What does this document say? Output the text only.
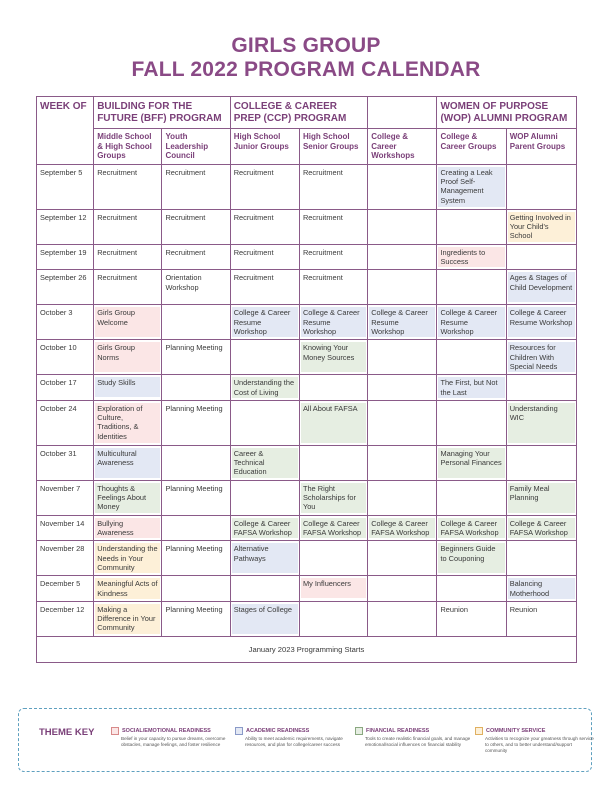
GIRLS GROUP
FALL 2022 PROGRAM CALENDAR
WEEK OF	BUILDING FOR THE FUTURE (BFF) PROGRAM		COLLEGE & CAREER PREP (CCP) PROGRAM			WOMEN OF PURPOSE (WOP) ALUMNI PROGRAM	
	Middle School & High School Groups	Youth Leadership Council	High School Junior Groups	High School Senior Groups	College & Career Workshops	College & Career Groups	WOP Alumni Parent Groups
September 5	Recruitment	Recruitment	Recruitment	Recruitment		Creating a Leak Proof Self-Management System	

September 12	Recruitment	Recruitment	Recruitment	Recruitment			Getting Involved in Your Child's School

September 19	Recruitment	Recruitment	Recruitment	Recruitment		Ingredients to Success	

September 26	Recruitment	Orientation Workshop	Recruitment	Recruitment			Ages & Stages of Child Development

October 3	Girls Group Welcome		College & Career Resume Workshop	College & Career Resume Workshop	College & Career Resume Workshop	College & Career Resume Workshop	College & Career Resume Workshop

October 10	Girls Group Norms	Planning Meeting		Knowing Your Money Sources			Resources for Children With Special Needs

October 17	Study Skills		Understanding the Cost of Living			The First, but Not the Last	

October 24	Exploration of Culture, Traditions, & Identities	Planning Meeting		All About FAFSA			Understanding WIC

October 31	Multicultural Awareness		Career & Technical Education			Managing Your Personal Finances	

November 7	Thoughts & Feelings About Money	Planning Meeting		The Right Scholarships for You			Family Meal Planning

November 14	Bullying Awareness		College & Career FAFSA Workshop	College & Career FAFSA Workshop	College & Career FAFSA Workshop	College & Career FAFSA Workshop	College & Career FAFSA Workshop

November 28	Understanding the Needs in Your Community	Planning Meeting	Alternative Pathways			Beginners Guide to Couponing	

December 5	Meaningful Acts of Kindness			My Influencers			Balancing Motherhood

December 12	Making a Difference in Your Community	Planning Meeting	Stages of College			Reunion	Reunion

January 2023 Programming Starts							
THEME KEY	SOCIAL/EMOTIONAL READINESS
Belief in your capacity to pursue dreams, overcome obstacles, manage feelings, and foster resilience
ACADEMIC READINESS
Ability to meet academic requirements, navigate resources, and plan for college/career success
FINANCIAL READINESS
Tools to create realistic financial goals, and manage emotional/social influences on financial stability
COMMUNITY SERVICE
Activities to recognize your greatness through service to others, and to better understand/support community
